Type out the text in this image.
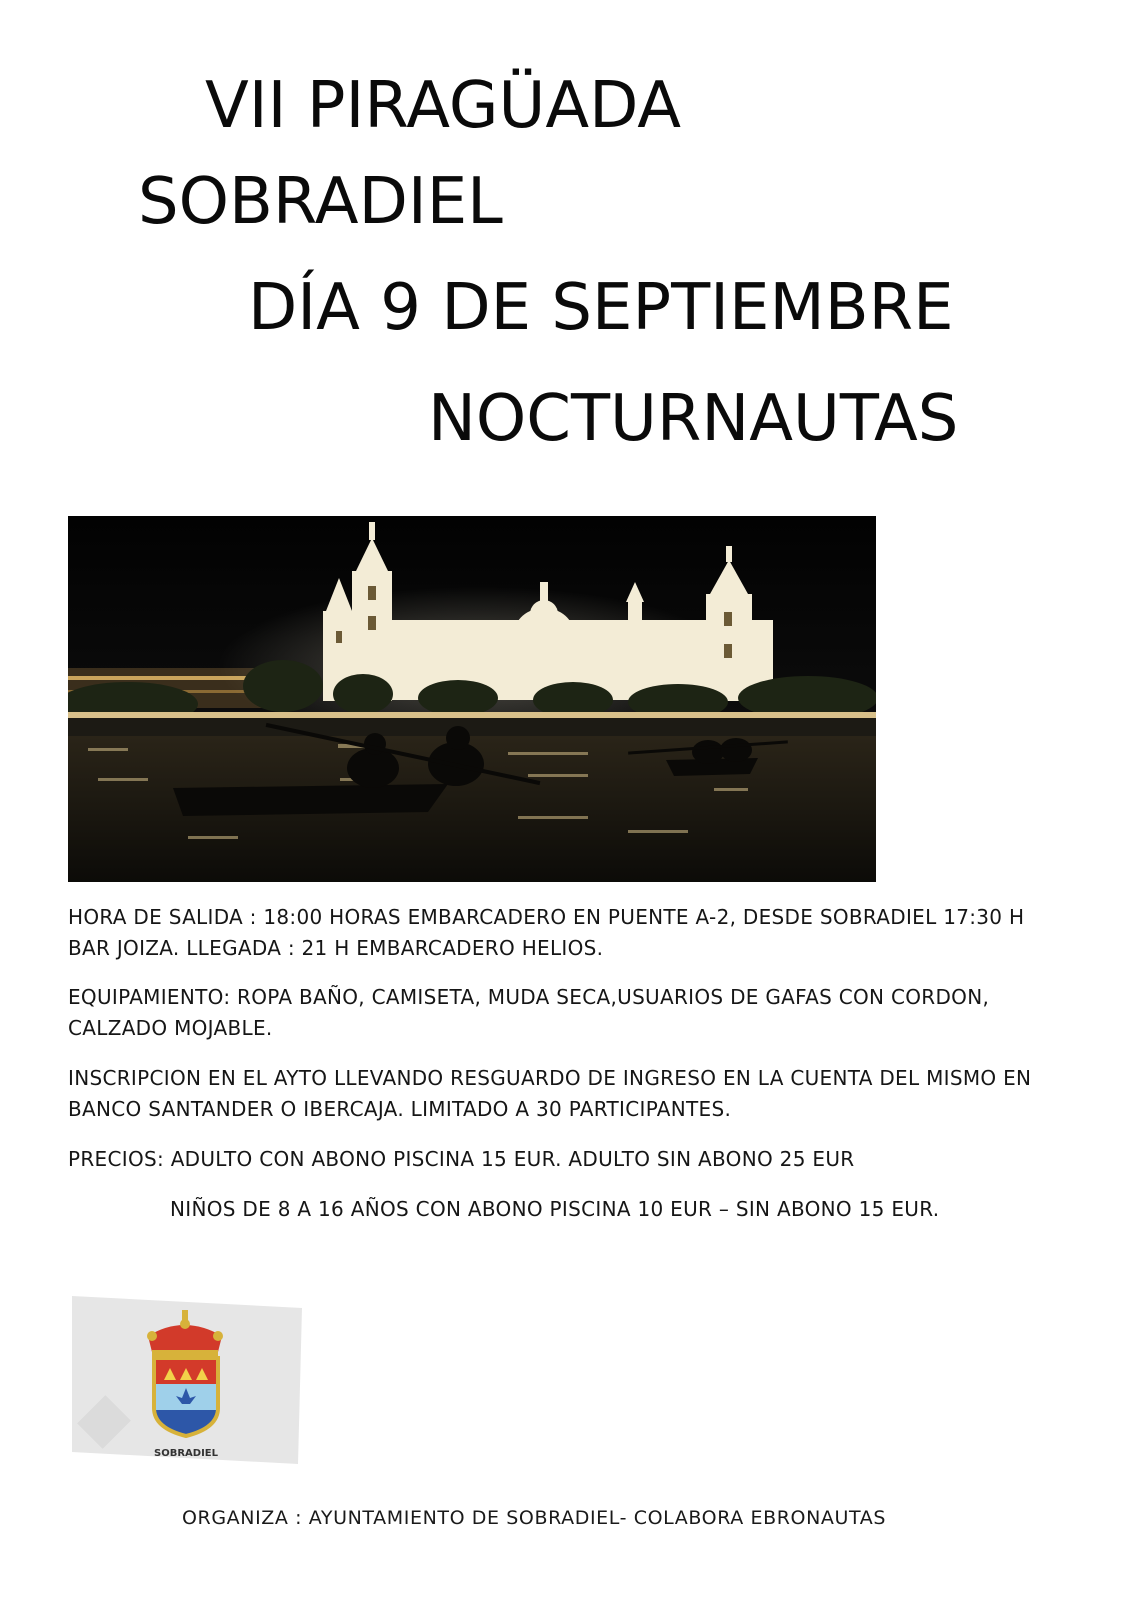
VII PIRAGÜADA
SOBRADIEL
DÍA 9 DE SEPTIEMBRE
NOCTURNAUTAS

HORA DE SALIDA : 18:00 HORAS EMBARCADERO EN PUENTE A-2, DESDE SOBRADIEL 17:30 H BAR JOIZA. LLEGADA : 21 H EMBARCADERO HELIOS.

EQUIPAMIENTO: ROPA BAÑO, CAMISETA, MUDA SECA,USUARIOS DE GAFAS CON CORDON, CALZADO MOJABLE.

INSCRIPCION EN EL AYTO LLEVANDO RESGUARDO DE INGRESO EN LA CUENTA DEL MISMO EN BANCO SANTANDER O IBERCAJA. LIMITADO A 30 PARTICIPANTES.

PRECIOS: ADULTO CON ABONO PISCINA 15 EUR. ADULTO SIN ABONO 25 EUR

NIÑOS DE 8 A 16 AÑOS CON ABONO PISCINA 10 EUR – SIN ABONO 15 EUR.

SOBRADIEL

ORGANIZA : AYUNTAMIENTO DE SOBRADIEL- COLABORA EBRONAUTAS
